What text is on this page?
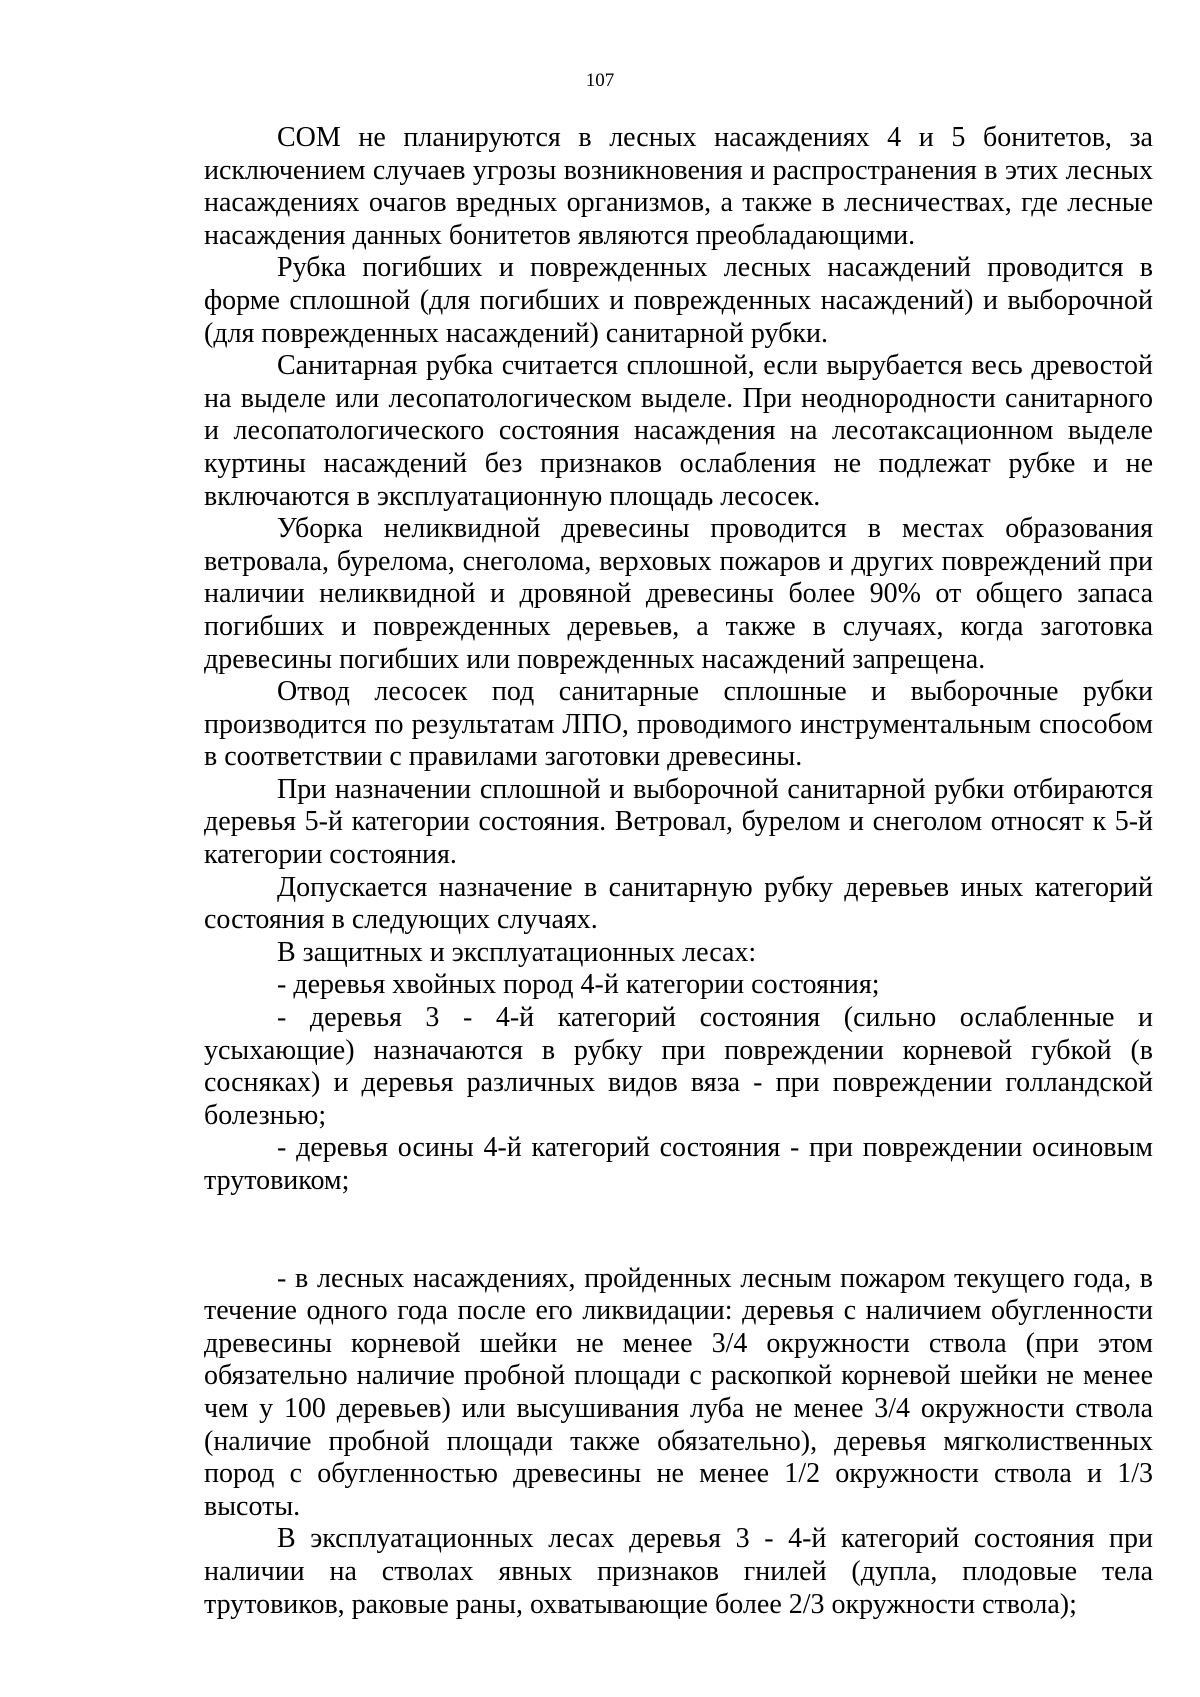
107

СОМ не планируются в лесных насаждениях 4 и 5 бонитетов, за исключением случаев угрозы возникновения и распространения в этих лесных насаждениях очагов вредных организмов, а также в лесничествах, где лесные насаждения данных бонитетов являются преобладающими.

Рубка погибших и поврежденных лесных насаждений проводится в форме сплошной (для погибших и поврежденных насаждений) и выборочной (для поврежденных насаждений) санитарной рубки.

Санитарная рубка считается сплошной, если вырубается весь древостой на выделе или лесопатологическом выделе. При неоднородности санитарного и лесопатологического состояния насаждения на лесотаксационном выделе куртины насаждений без признаков ослабления не подлежат рубке и не включаются в эксплуатационную площадь лесосек.

Уборка неликвидной древесины проводится в местах образования ветровала, бурелома, снеголома, верховых пожаров и других повреждений при наличии неликвидной и дровяной древесины более 90% от общего запаса погибших и поврежденных деревьев, а также в случаях, когда заготовка древесины погибших или поврежденных насаждений запрещена.

Отвод лесосек под санитарные сплошные и выборочные рубки производится по результатам ЛПО, проводимого инструментальным способом в соответствии с правилами заготовки древесины.

При назначении сплошной и выборочной санитарной рубки отбираются деревья 5-й категории состояния. Ветровал, бурелом и снеголом относят к 5-й категории состояния.

Допускается назначение в санитарную рубку деревьев иных категорий состояния в следующих случаях.

В защитных и эксплуатационных лесах:

- деревья хвойных пород 4-й категории состояния;

- деревья 3 - 4-й категорий состояния (сильно ослабленные и усыхающие) назначаются в рубку при повреждении корневой губкой (в сосняках) и деревья различных видов вяза - при повреждении голландской болезнью;

- деревья осины 4-й категорий состояния - при повреждении осиновым трутовиком;

- в лесных насаждениях, пройденных лесным пожаром текущего года, в течение одного года после его ликвидации: деревья с наличием обугленности древесины корневой шейки не менее 3/4 окружности ствола (при этом обязательно наличие пробной площади с раскопкой корневой шейки не менее чем у 100 деревьев) или высушивания луба не менее 3/4 окружности ствола (наличие пробной площади также обязательно), деревья мягколиственных пород с обугленностью древесины не менее 1/2 окружности ствола и 1/3 высоты.

В эксплуатационных лесах деревья 3 - 4-й категорий состояния при наличии на стволах явных признаков гнилей (дупла, плодовые тела трутовиков, раковые раны, охватывающие более 2/3 окружности ствола);
